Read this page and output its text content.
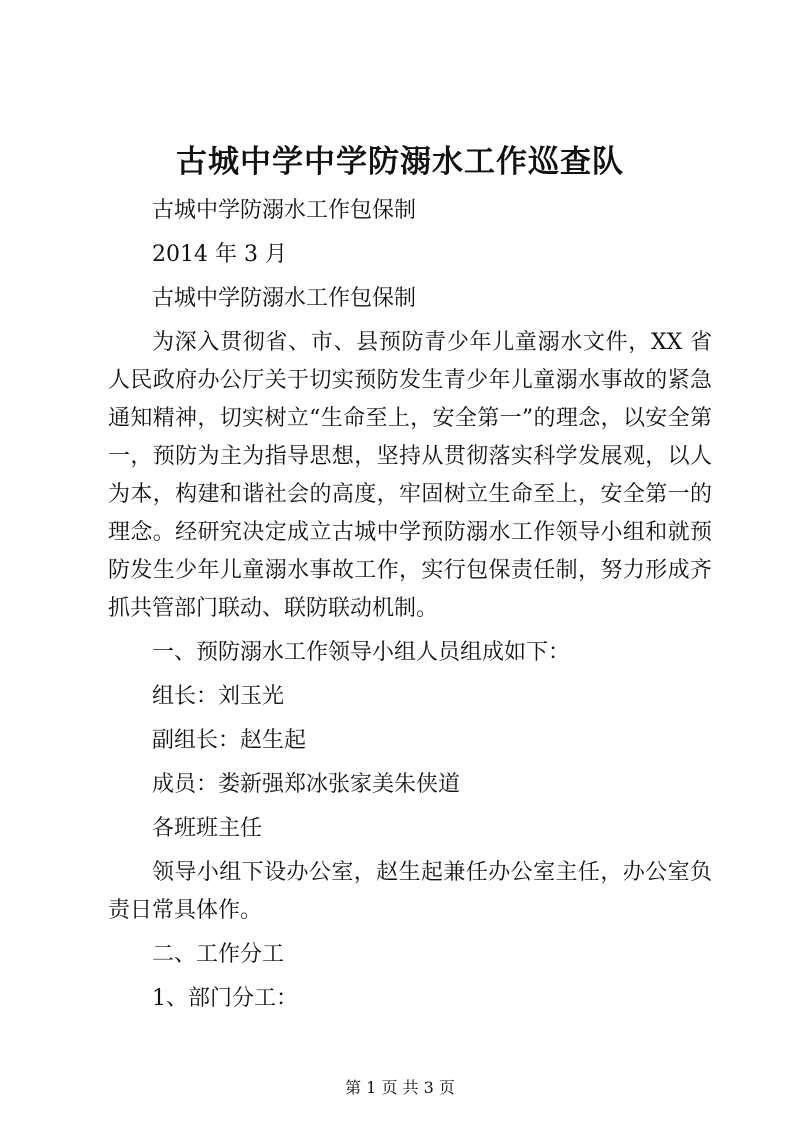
古城中学中学防溺水工作巡查队

古城中学防溺水工作包保制

2014 年 3 月

古城中学防溺水工作包保制

为深入贯彻省、市、县预防青少年儿童溺水文件，XX 省人民政府办公厅关于切实预防发生青少年儿童溺水事故的紧急通知精神，切实树立“生命至上，安全第一”的理念，以安全第一，预防为主为指导思想，坚持从贯彻落实科学发展观，以人为本，构建和谐社会的高度，牢固树立生命至上，安全第一的理念。经研究决定成立古城中学预防溺水工作领导小组和就预防发生少年儿童溺水事故工作，实行包保责任制，努力形成齐抓共管部门联动、联防联动机制。

一、预防溺水工作领导小组人员组成如下：

组长：刘玉光

副组长：赵生起

成员：娄新强郑冰张家美朱侠道

各班班主任

领导小组下设办公室，赵生起兼任办公室主任，办公室负责日常具体作。

二、工作分工

1、部门分工：

第 1 页 共 3 页
